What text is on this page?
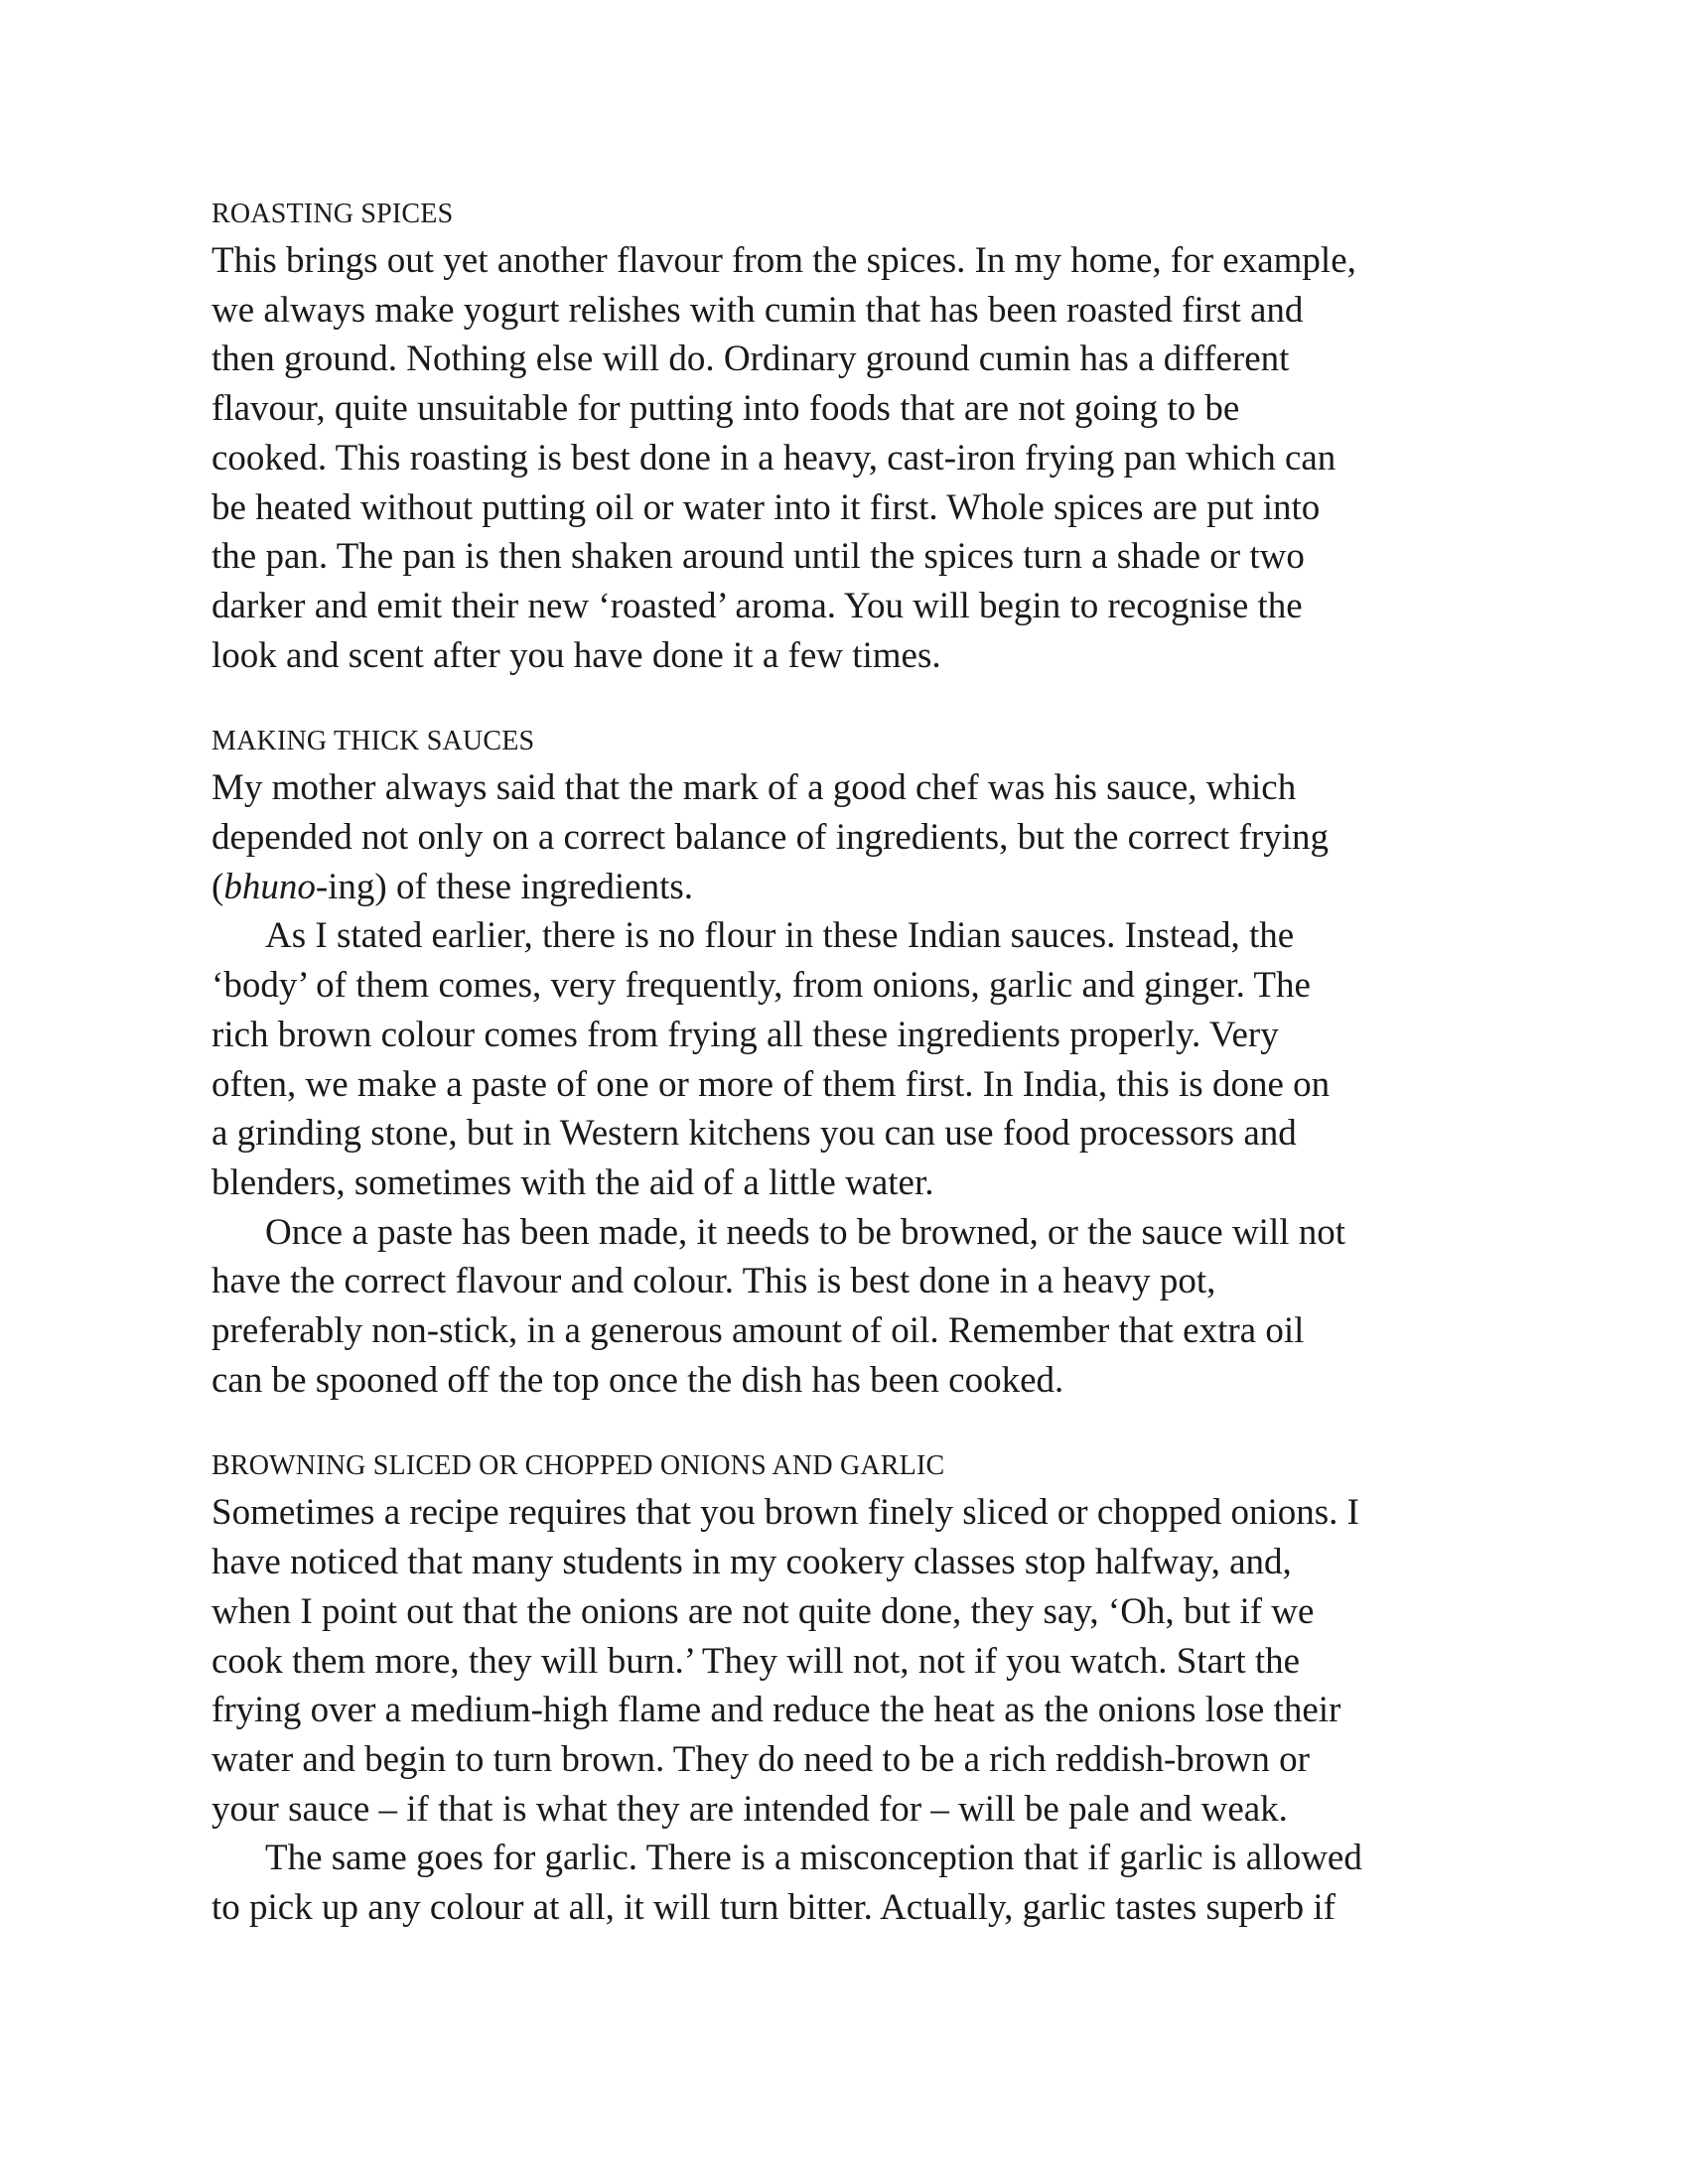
ROASTING SPICES

This brings out yet another flavour from the spices. In my home, for example,
we always make yogurt relishes with cumin that has been roasted first and
then ground. Nothing else will do. Ordinary ground cumin has a different
flavour, quite unsuitable for putting into foods that are not going to be
cooked. This roasting is best done in a heavy, cast-iron frying pan which can
be heated without putting oil or water into it first. Whole spices are put into
the pan. The pan is then shaken around until the spices turn a shade or two
darker and emit their new ‘roasted’ aroma. You will begin to recognise the
look and scent after you have done it a few times.

MAKING THICK SAUCES

My mother always said that the mark of a good chef was his sauce, which
depended not only on a correct balance of ingredients, but the correct frying
(bhuno-ing) of these ingredients.

As I stated earlier, there is no flour in these Indian sauces. Instead, the
‘body’ of them comes, very frequently, from onions, garlic and ginger. The
rich brown colour comes from frying all these ingredients properly. Very
often, we make a paste of one or more of them first. In India, this is done on
a grinding stone, but in Western kitchens you can use food processors and
blenders, sometimes with the aid of a little water.

Once a paste has been made, it needs to be browned, or the sauce will not
have the correct flavour and colour. This is best done in a heavy pot,
preferably non-stick, in a generous amount of oil. Remember that extra oil
can be spooned off the top once the dish has been cooked.

BROWNING SLICED OR CHOPPED ONIONS AND GARLIC

Sometimes a recipe requires that you brown finely sliced or chopped onions. I
have noticed that many students in my cookery classes stop halfway, and,
when I point out that the onions are not quite done, they say, ‘Oh, but if we
cook them more, they will burn.’ They will not, not if you watch. Start the
frying over a medium-high flame and reduce the heat as the onions lose their
water and begin to turn brown. They do need to be a rich reddish-brown or
your sauce – if that is what they are intended for – will be pale and weak.

The same goes for garlic. There is a misconception that if garlic is allowed
to pick up any colour at all, it will turn bitter. Actually, garlic tastes superb if
